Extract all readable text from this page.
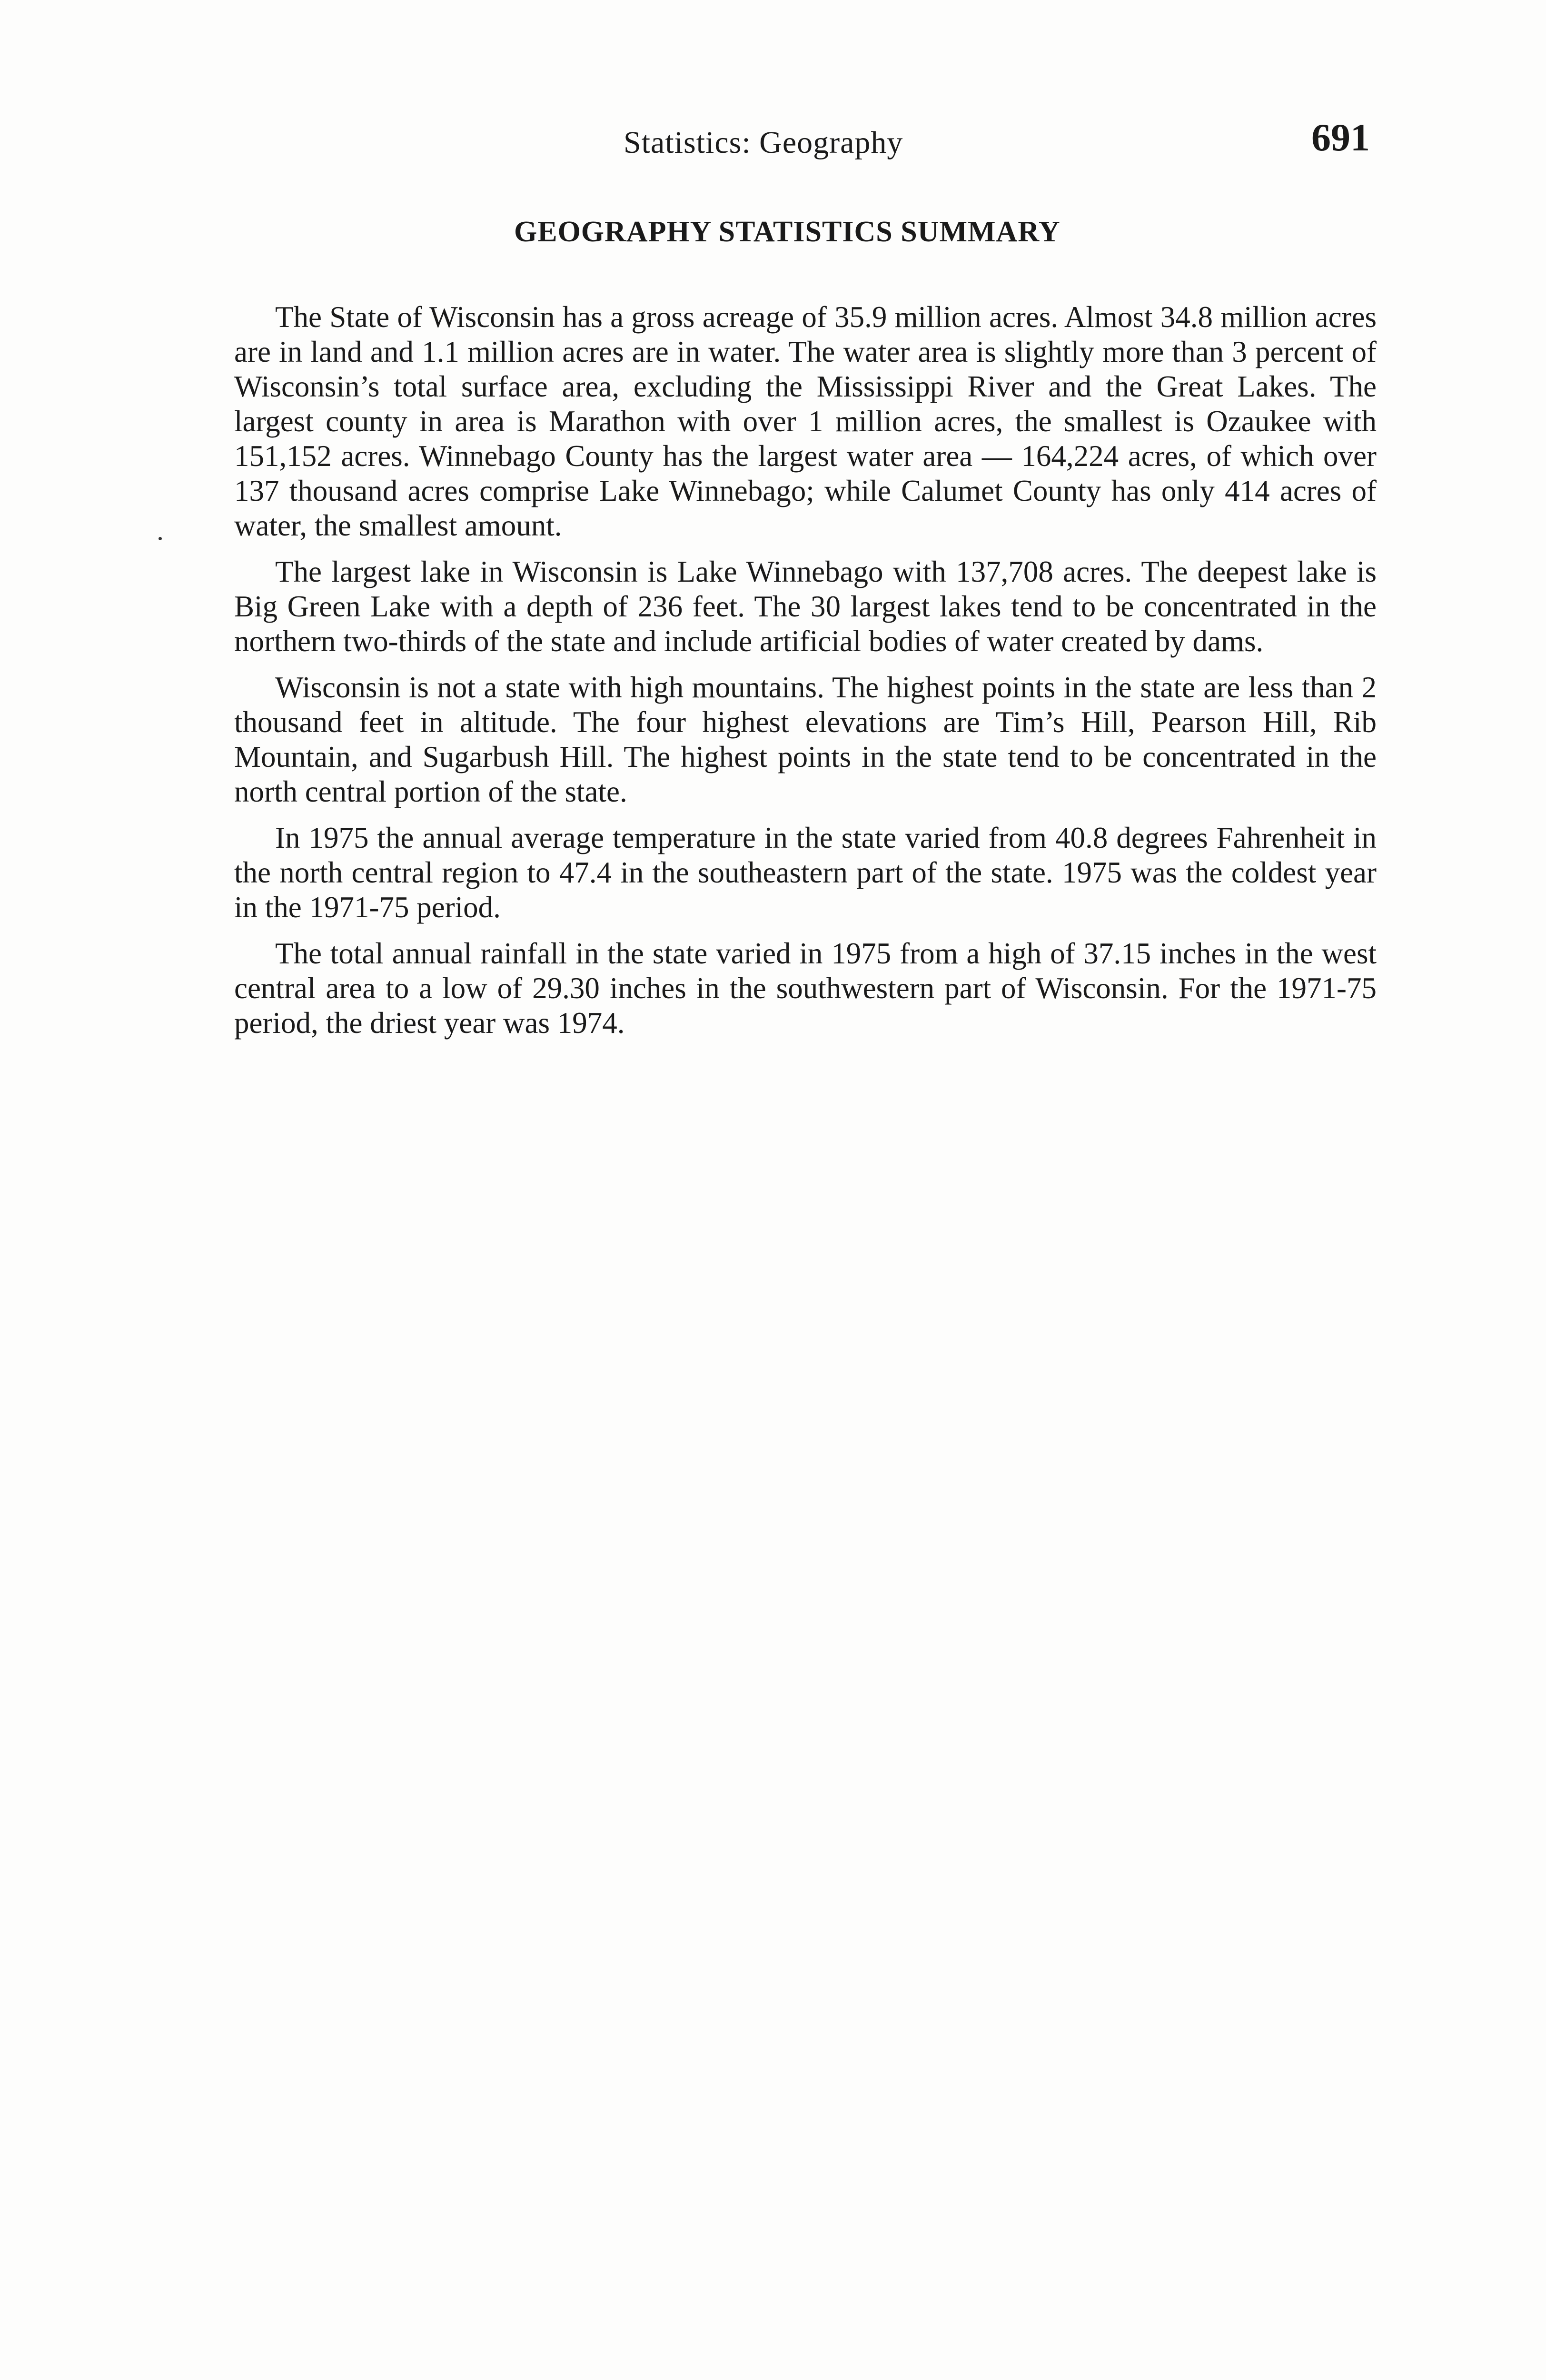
Statistics: Geography	691
GEOGRAPHY STATISTICS SUMMARY

The State of Wisconsin has a gross acreage of 35.9 million acres. Almost 34.8 million acres are in land and 1.1 million acres are in water. The water area is slightly more than 3 percent of Wisconsin’s total surface area, excluding the Mississippi River and the Great Lakes. The largest county in area is Marathon with over 1 million acres, the smallest is Ozaukee with 151,152 acres. Winnebago County has the largest water area — 164,224 acres, of which over 137 thousand acres comprise Lake Winnebago; while Calumet County has only 414 acres of water, the smallest amount.

The largest lake in Wisconsin is Lake Winnebago with 137,708 acres. The deepest lake is Big Green Lake with a depth of 236 feet. The 30 largest lakes tend to be concentrated in the northern two-thirds of the state and include artificial bodies of water created by dams.

Wisconsin is not a state with high mountains. The highest points in the state are less than 2 thousand feet in altitude. The four highest elevations are Tim’s Hill, Pearson Hill, Rib Mountain, and Sugarbush Hill. The highest points in the state tend to be concentrated in the north central portion of the state.

In 1975 the annual average temperature in the state varied from 40.8 degrees Fahrenheit in the north central region to 47.4 in the southeastern part of the state. 1975 was the coldest year in the 1971-75 period.

The total annual rainfall in the state varied in 1975 from a high of 37.15 inches in the west central area to a low of 29.30 inches in the southwestern part of Wisconsin. For the 1971-75 period, the driest year was 1974.
